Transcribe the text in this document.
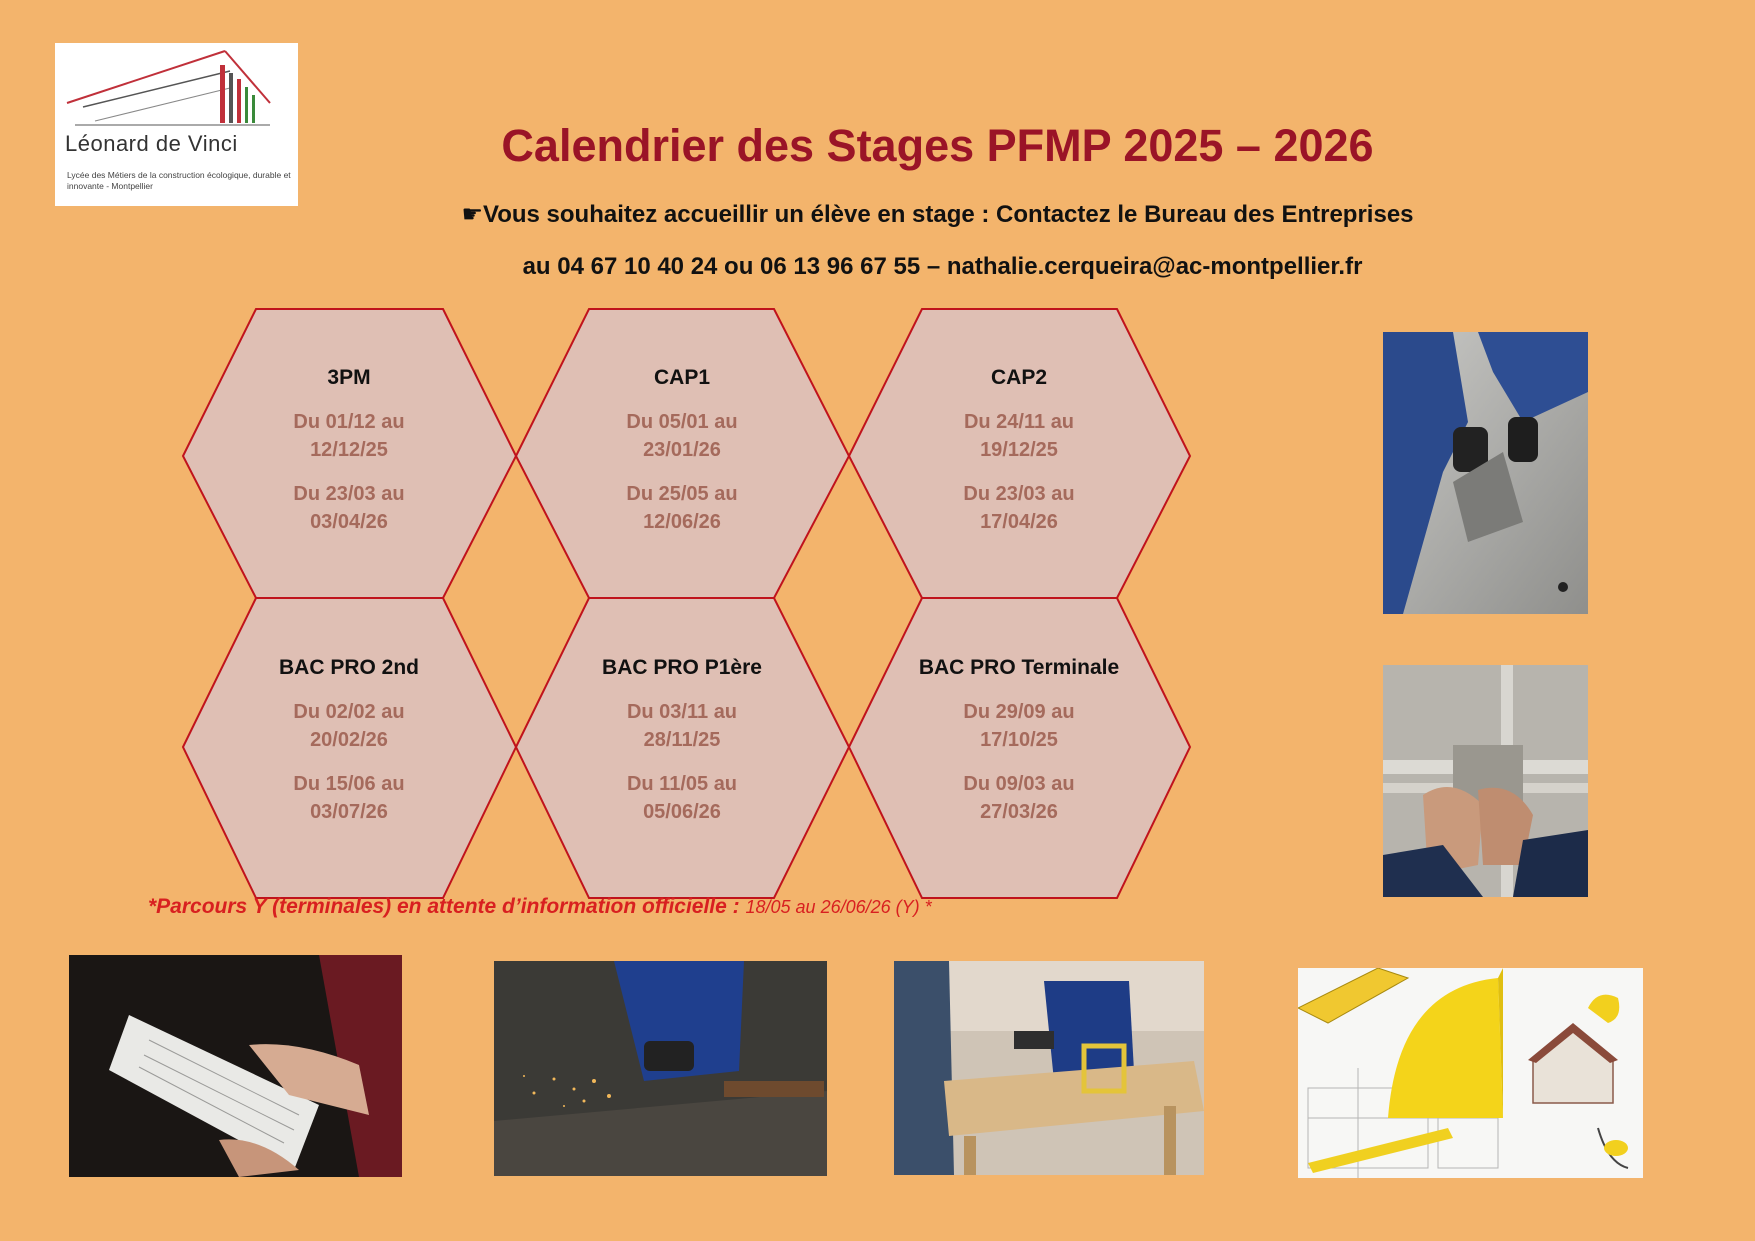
Léonard de Vinci
Lycée des Métiers de la construction écologique, durable et innovante - Montpellier
Calendrier des Stages PFMP 2025 – 2026
☛Vous souhaitez accueillir un élève en stage : Contactez le Bureau des Entreprises
au 04 67 10 40 24 ou 06 13 96 67 55 – nathalie.cerqueira@ac-montpellier.fr
3PM
Du 01/12 au 12/12/25
Du 23/03 au 03/04/26
CAP1
Du 05/01 au 23/01/26
Du 25/05 au 12/06/26
CAP2
Du 24/11 au 19/12/25
Du 23/03 au 17/04/26
BAC PRO 2nd
Du 02/02 au 20/02/26
Du 15/06 au 03/07/26
BAC PRO P1ère
Du 03/11 au 28/11/25
Du 11/05 au 05/06/26
BAC PRO Terminale
Du 29/09 au 17/10/25
Du 09/03 au 27/03/26
*Parcours Y (terminales) en attente d’information officielle : 18/05 au 26/06/26 (Y) *
